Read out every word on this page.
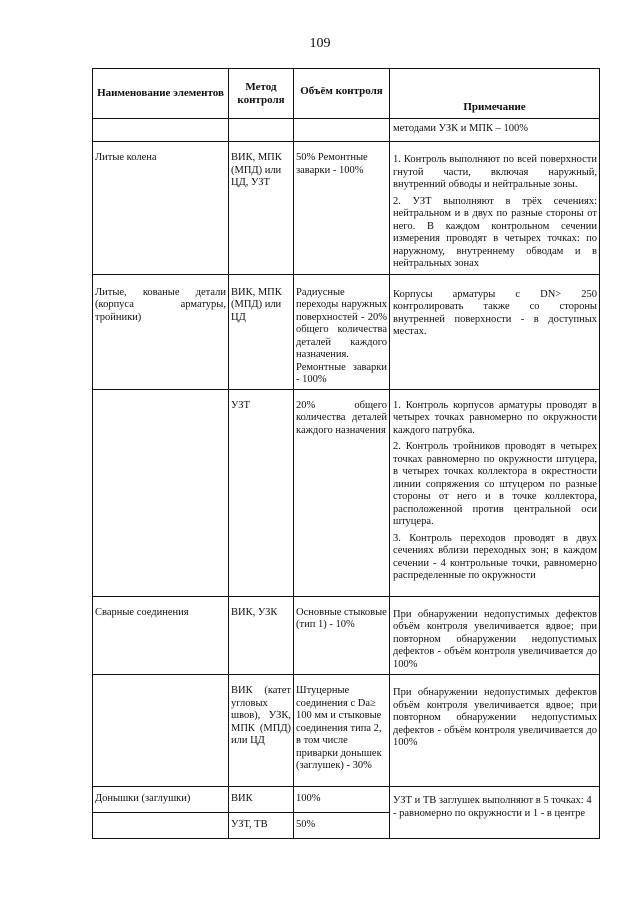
109
Наименование элементов	Метод контроля	Объём контроля	Примечание
			методами УЗК и МПК – 100%
Литые колена	ВИК, МПК (МПД) или ЦД, УЗТ	50% Ремонтные заварки - 100%	1. Контроль выполняют по всей поверхности гнутой части, включая наружный, внутренний обводы и нейтральные зоны.
2. УЗТ выполняют в трёх сечениях: нейтральном и в двух по разные стороны от него. В каждом контрольном сечении измерения проводят в четырех точках: по наружному, внутреннему обводам и в нейтральных зонах

Литые, кованые детали (корпуса арматуры, тройники)	ВИК, МПК (МПД) или ЦД	Радиусные переходы наружных поверхностей - 20% общего количества деталей каждого назначения. Ремонтные заварки - 100%	Корпусы арматуры с DN> 250 контролировать также со стороны внутренней поверхности - в доступных местах.

	УЗТ	20% общего количества деталей каждого назначения	1. Контроль корпусов арматуры проводят в четырех точках равномерно по окружности каждого патрубка.
2. Контроль тройников проводят в четырех точках равномерно по окружности штуцера, в четырех точках коллектора в окрестности линии сопряжения со штуцером по разные стороны от него и в точке коллектора, расположенной против центральной оси штуцера.
3. Контроль переходов проводят в двух сечениях вблизи переходных зон; в каждом сечении - 4 контрольные точки, равномерно распределенные по окружности

Сварные соединения	ВИК, УЗК	Основные стыковые (тип 1) - 10%	При обнаружении недопустимых дефектов объём контроля увеличивается вдвое; при повторном обнаружении недопустимых дефектов - объём контроля увеличивается до 100%

	ВИК (катет угловых швов), УЗК, МПК (МПД) или ЦД	Штуцерные соединения с Da≥ 100 мм и стыковые соединения типа 2, в том числе приварки донышек (заглушек) - 30%	При обнаружении недопустимых дефектов объём контроля увеличивается вдвое; при повторном обнаружении недопустимых дефектов - объём контроля увеличивается до 100%

Донышки (заглушки)	ВИК	100%	УЗТ и ТВ заглушек выполняют в 5 точках: 4 - равномерно по окружности и 1 - в центре

	УЗТ, ТВ	50%	
